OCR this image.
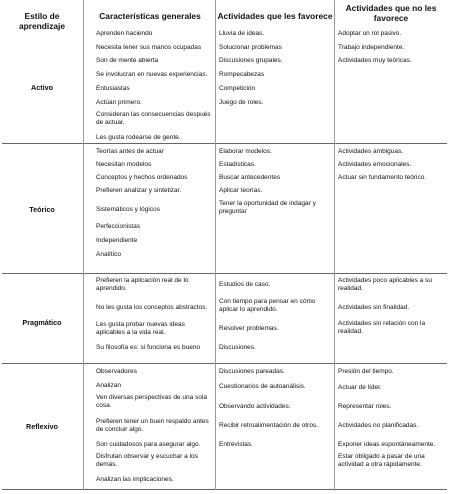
Estilo de aprendizaje
Características generales	Actividades que les favorece
Actividades que no les favorece
Activo
Aprenden haciendo
Necesita tener sus manos ocupadas
Son de mente abierta
Se involucran en nuevas experiencias.
Entusiastas
Actúan primero.
Consideran las consecuencias después de actuar.
Les gusta rodearse de gente.
Lluvia de ideas.
Solucionar problemas
Discusiones grupales.
Rompecabezas
Competición
Juego de roles.
Adoptar un rol pasivo.
Trabajo independiente.
Actividades muy teóricas.
Teórico
Teorías antes de actuar
Necesitan modelos
Conceptos y hechos ordenados
Prefieren analizar y sintetizar.
Sistemáticos y lógicos
Perfeccionistas
Independiente
Analítico
Elaborar modelos.
Estadísticas.
Buscar antecedentes
Aplicar teorías.
Tener la oportunidad de indagar y preguntar
Actividades ambiguas.
Actividades emocionales.
Actuar sin fundamento teórico.
Pragmático
Prefieren la aplicación real de lo aprendido.
No les gusta los conceptos abstractos.
Les gusta probar nuevas ideas aplicables a la vida real.
Su filosofía es: si funciona es bueno
Estudios de caso.
Con tiempo para pensar en cómo aplicar lo aprendido.
Resolver problemas.
Discusiones.
Actividades poco aplicables a su realidad.
Actividades sin finalidad.
Actividades sin relación con la realidad.
Reflexivo
Observadores
Analizan
Ven diversas perspectivas de una sola cosa.
Prefieren tener un buen respaldo antes de concluir algo.
Son cuidadosos para asegurar algo.
Disfrutan observar y escuchar a los demás.
Analizan las implicaciones.
Discusiones pareadas.
Cuestionarios de autoanálisis.
Observando actividades.
Recibir retroalimentación de otros.
Entrevistas.
Presión del tiempo.
Actuar de líder.
Representar roles.
Actividades no planificadas.
Exponer ideas espontáneamente.
Estar obligado a pasar de una actividad a otra rápidamente.
